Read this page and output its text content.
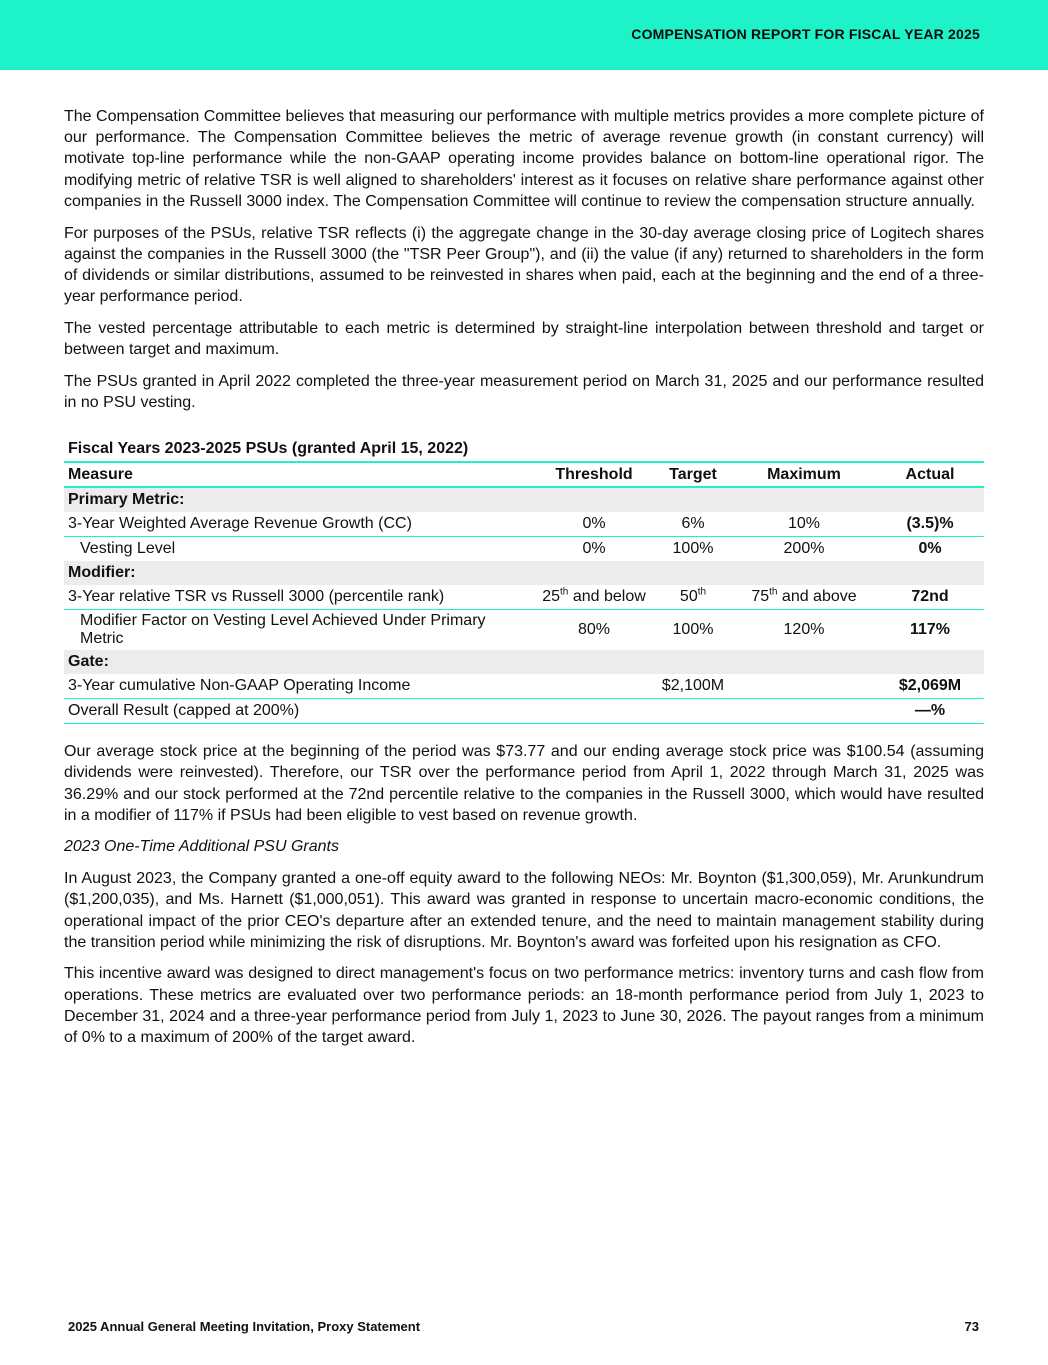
COMPENSATION REPORT FOR FISCAL YEAR 2025

The Compensation Committee believes that measuring our performance with multiple metrics provides a more complete picture of our performance. The Compensation Committee believes the metric of average revenue growth (in constant currency) will motivate top-line performance while the non-GAAP operating income provides balance on bottom-line operational rigor. The modifying metric of relative TSR is well aligned to shareholders' interest as it focuses on relative share performance against other companies in the Russell 3000 index. The Compensation Committee will continue to review the compensation structure annually.

For purposes of the PSUs, relative TSR reflects (i) the aggregate change in the 30-day average closing price of Logitech shares against the companies in the Russell 3000 (the "TSR Peer Group"), and (ii) the value (if any) returned to shareholders in the form of dividends or similar distributions, assumed to be reinvested in shares when paid, each at the beginning and the end of a three-year performance period.

The vested percentage attributable to each metric is determined by straight-line interpolation between threshold and target or between target and maximum.

The PSUs granted in April 2022 completed the three-year measurement period on March 31, 2025 and our performance resulted in no PSU vesting.

Fiscal Years 2023-2025 PSUs (granted April 15, 2022)				
Measure	Threshold	Target	Maximum	Actual
Primary Metric:				
3-Year Weighted Average Revenue Growth (CC)	0%	6%	10%	(3.5)%
Vesting Level	0%	100%	200%	0%
Modifier:				
3-Year relative TSR vs Russell 3000 (percentile rank)	25th and below	50th	75th and above	72nd
Modifier Factor on Vesting Level Achieved Under Primary Metric	80%	100%	120%	117%
Gate:				
3-Year cumulative Non-GAAP Operating Income		$2,100M		$2,069M
Overall Result (capped at 200%)				—%

Our average stock price at the beginning of the period was $73.77 and our ending average stock price was $100.54 (assuming dividends were reinvested). Therefore, our TSR over the performance period from April 1, 2022 through March 31, 2025 was 36.29% and our stock performed at the 72nd percentile relative to the companies in the Russell 3000, which would have resulted in a modifier of 117% if PSUs had been eligible to vest based on revenue growth.

2023 One-Time Additional PSU Grants

In August 2023, the Company granted a one-off equity award to the following NEOs: Mr. Boynton ($1,300,059), Mr. Arunkundrum ($1,200,035), and Ms. Harnett ($1,000,051). This award was granted in response to uncertain macro-economic conditions, the operational impact of the prior CEO's departure after an extended tenure, and the need to maintain management stability during the transition period while minimizing the risk of disruptions. Mr. Boynton's award was forfeited upon his resignation as CFO.

This incentive award was designed to direct management's focus on two performance metrics: inventory turns and cash flow from operations. These metrics are evaluated over two performance periods: an 18-month performance period from July 1, 2023 to December 31, 2024 and a three-year performance period from July 1, 2023 to June 30, 2026. The payout ranges from a minimum of 0% to a maximum of 200% of the target award.

2025 Annual General Meeting Invitation, Proxy Statement	73
